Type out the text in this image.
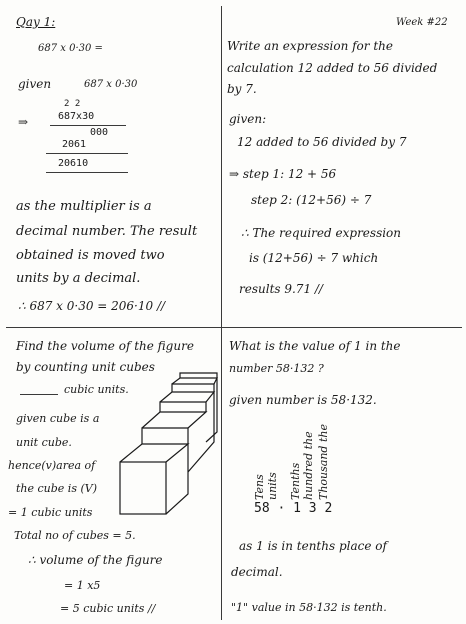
Qay 1:
687 x 0·30 =
given	687 x 0·30
2 2
⇒	687x30
000
2061
20610
as the multiplier is a
decimal number. The result
obtained is moved two
units by a decimal.
∴ 687 x 0·30 = 206·10 //
Week #22
Write an expression for the
calculation 12 added to 56 divided
by 7.
given:
12 added to 56 divided by 7
⇒ step 1: 12 + 56
step 2: (12+56) ÷ 7
∴ The required expression
is (12+56) ÷ 7 which
results 9.71 //
Find the volume of the figure
by counting unit cubes
cubic units.
given cube is a
unit cube.
hence(v)area of
the cube is (V)
= 1 cubic units
Total no of cubes = 5.
∴ volume of the figure
= 1 x5
= 5 cubic units //
What is the value of 1 in the
number 58·132 ?
given number is 58·132.
Tens units Tenths hundred the Thousand the
58 · 1 3 2
as 1 is in tenths place of
decimal.
"1" value in 58·132 is tenth.
